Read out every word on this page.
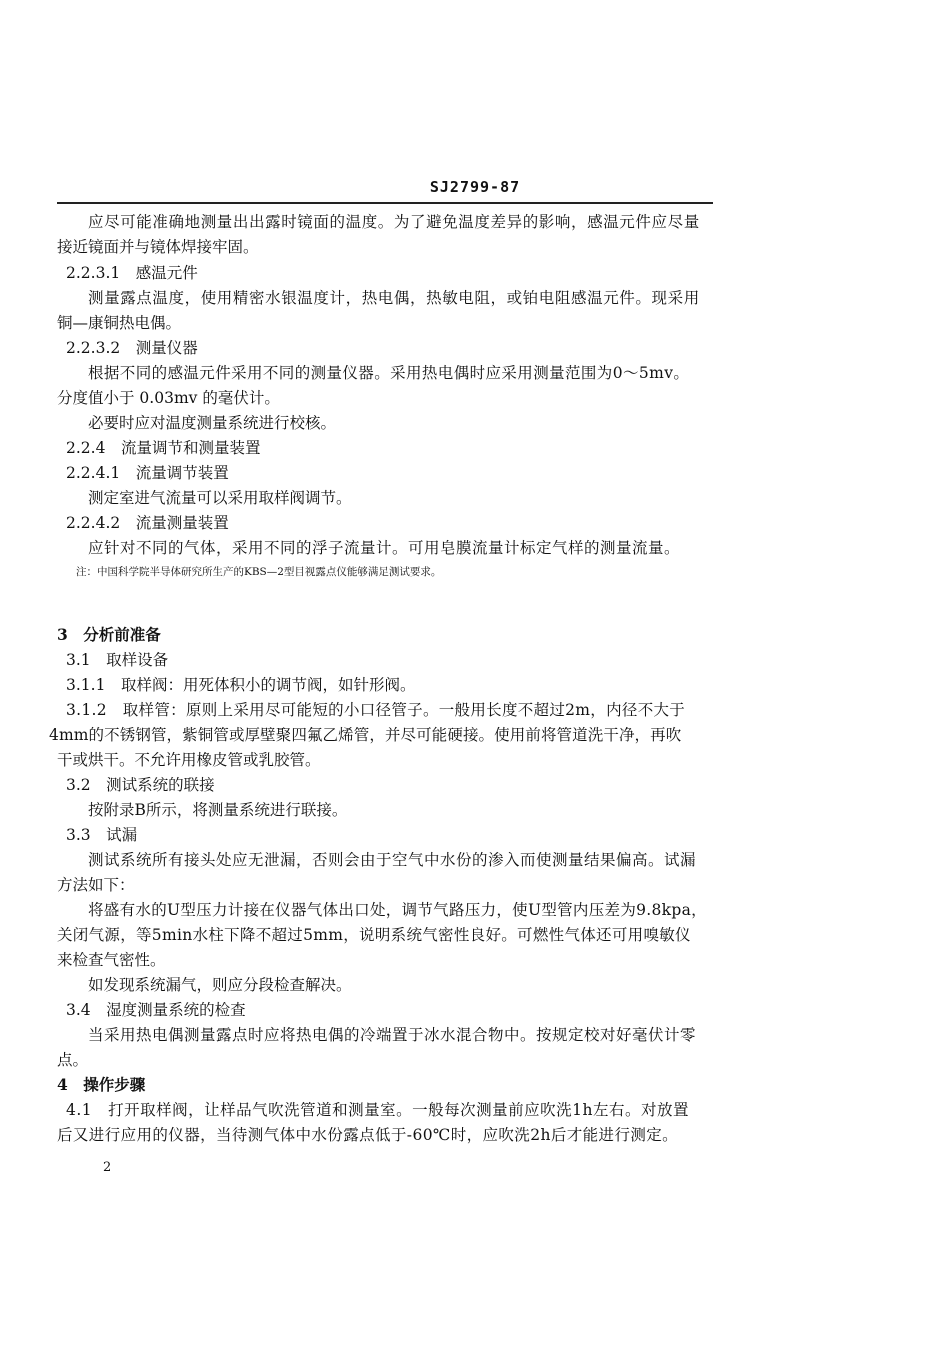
SJ2799-87
应尽可能准确地测量出出露时镜面的温度。为了避免温度差异的影响，感温元件应尽量
接近镜面并与镜体焊接牢固。
2.2.3.1　感温元件
测量露点温度，使用精密水银温度计，热电偶，热敏电阻，或铂电阻感温元件。现采用
铜—康铜热电偶。
2.2.3.2　测量仪器
根据不同的感温元件采用不同的测量仪器。采用热电偶时应采用测量范围为0～5mv。
分度值小于 0.03mv 的毫伏计。
必要时应对温度测量系统进行校核。
2.2.4　流量调节和测量装置
2.2.4.1　流量调节装置
测定室进气流量可以采用取样阀调节。
2.2.4.2　流量测量装置
应针对不同的气体，采用不同的浮子流量计。可用皂膜流量计标定气样的测量流量。
注：中国科学院半导体研究所生产的KBS—2型目视露点仪能够满足测试要求。
3　分析前准备
3.1　取样设备
3.1.1　取样阀：用死体积小的调节阀，如针形阀。
3.1.2　取样管：原则上采用尽可能短的小口径管子。一般用长度不超过2m，内径不大于
4mm的不锈钢管，紫铜管或厚壁聚四氟乙烯管，并尽可能硬接。使用前将管道洗干净，再吹
干或烘干。不允许用橡皮管或乳胶管。
3.2　测试系统的联接
按附录B所示，将测量系统进行联接。
3.3　试漏
测试系统所有接头处应无泄漏，否则会由于空气中水份的渗入而使测量结果偏高。试漏
方法如下：
将盛有水的U型压力计接在仪器气体出口处，调节气路压力，使U型管内压差为9.8kpa，
关闭气源，等5min水柱下降不超过5mm，说明系统气密性良好。可燃性气体还可用嗅敏仪
来检查气密性。
如发现系统漏气，则应分段检查解决。
3.4　湿度测量系统的检查
当采用热电偶测量露点时应将热电偶的冷端置于冰水混合物中。按规定校对好毫伏计零
点。
4　操作步骤
4.1　打开取样阀，让样品气吹洗管道和测量室。一般每次测量前应吹洗1h左右。对放置
后又进行应用的仪器，当待测气体中水份露点低于-60℃时，应吹洗2h后才能进行测定。
2
